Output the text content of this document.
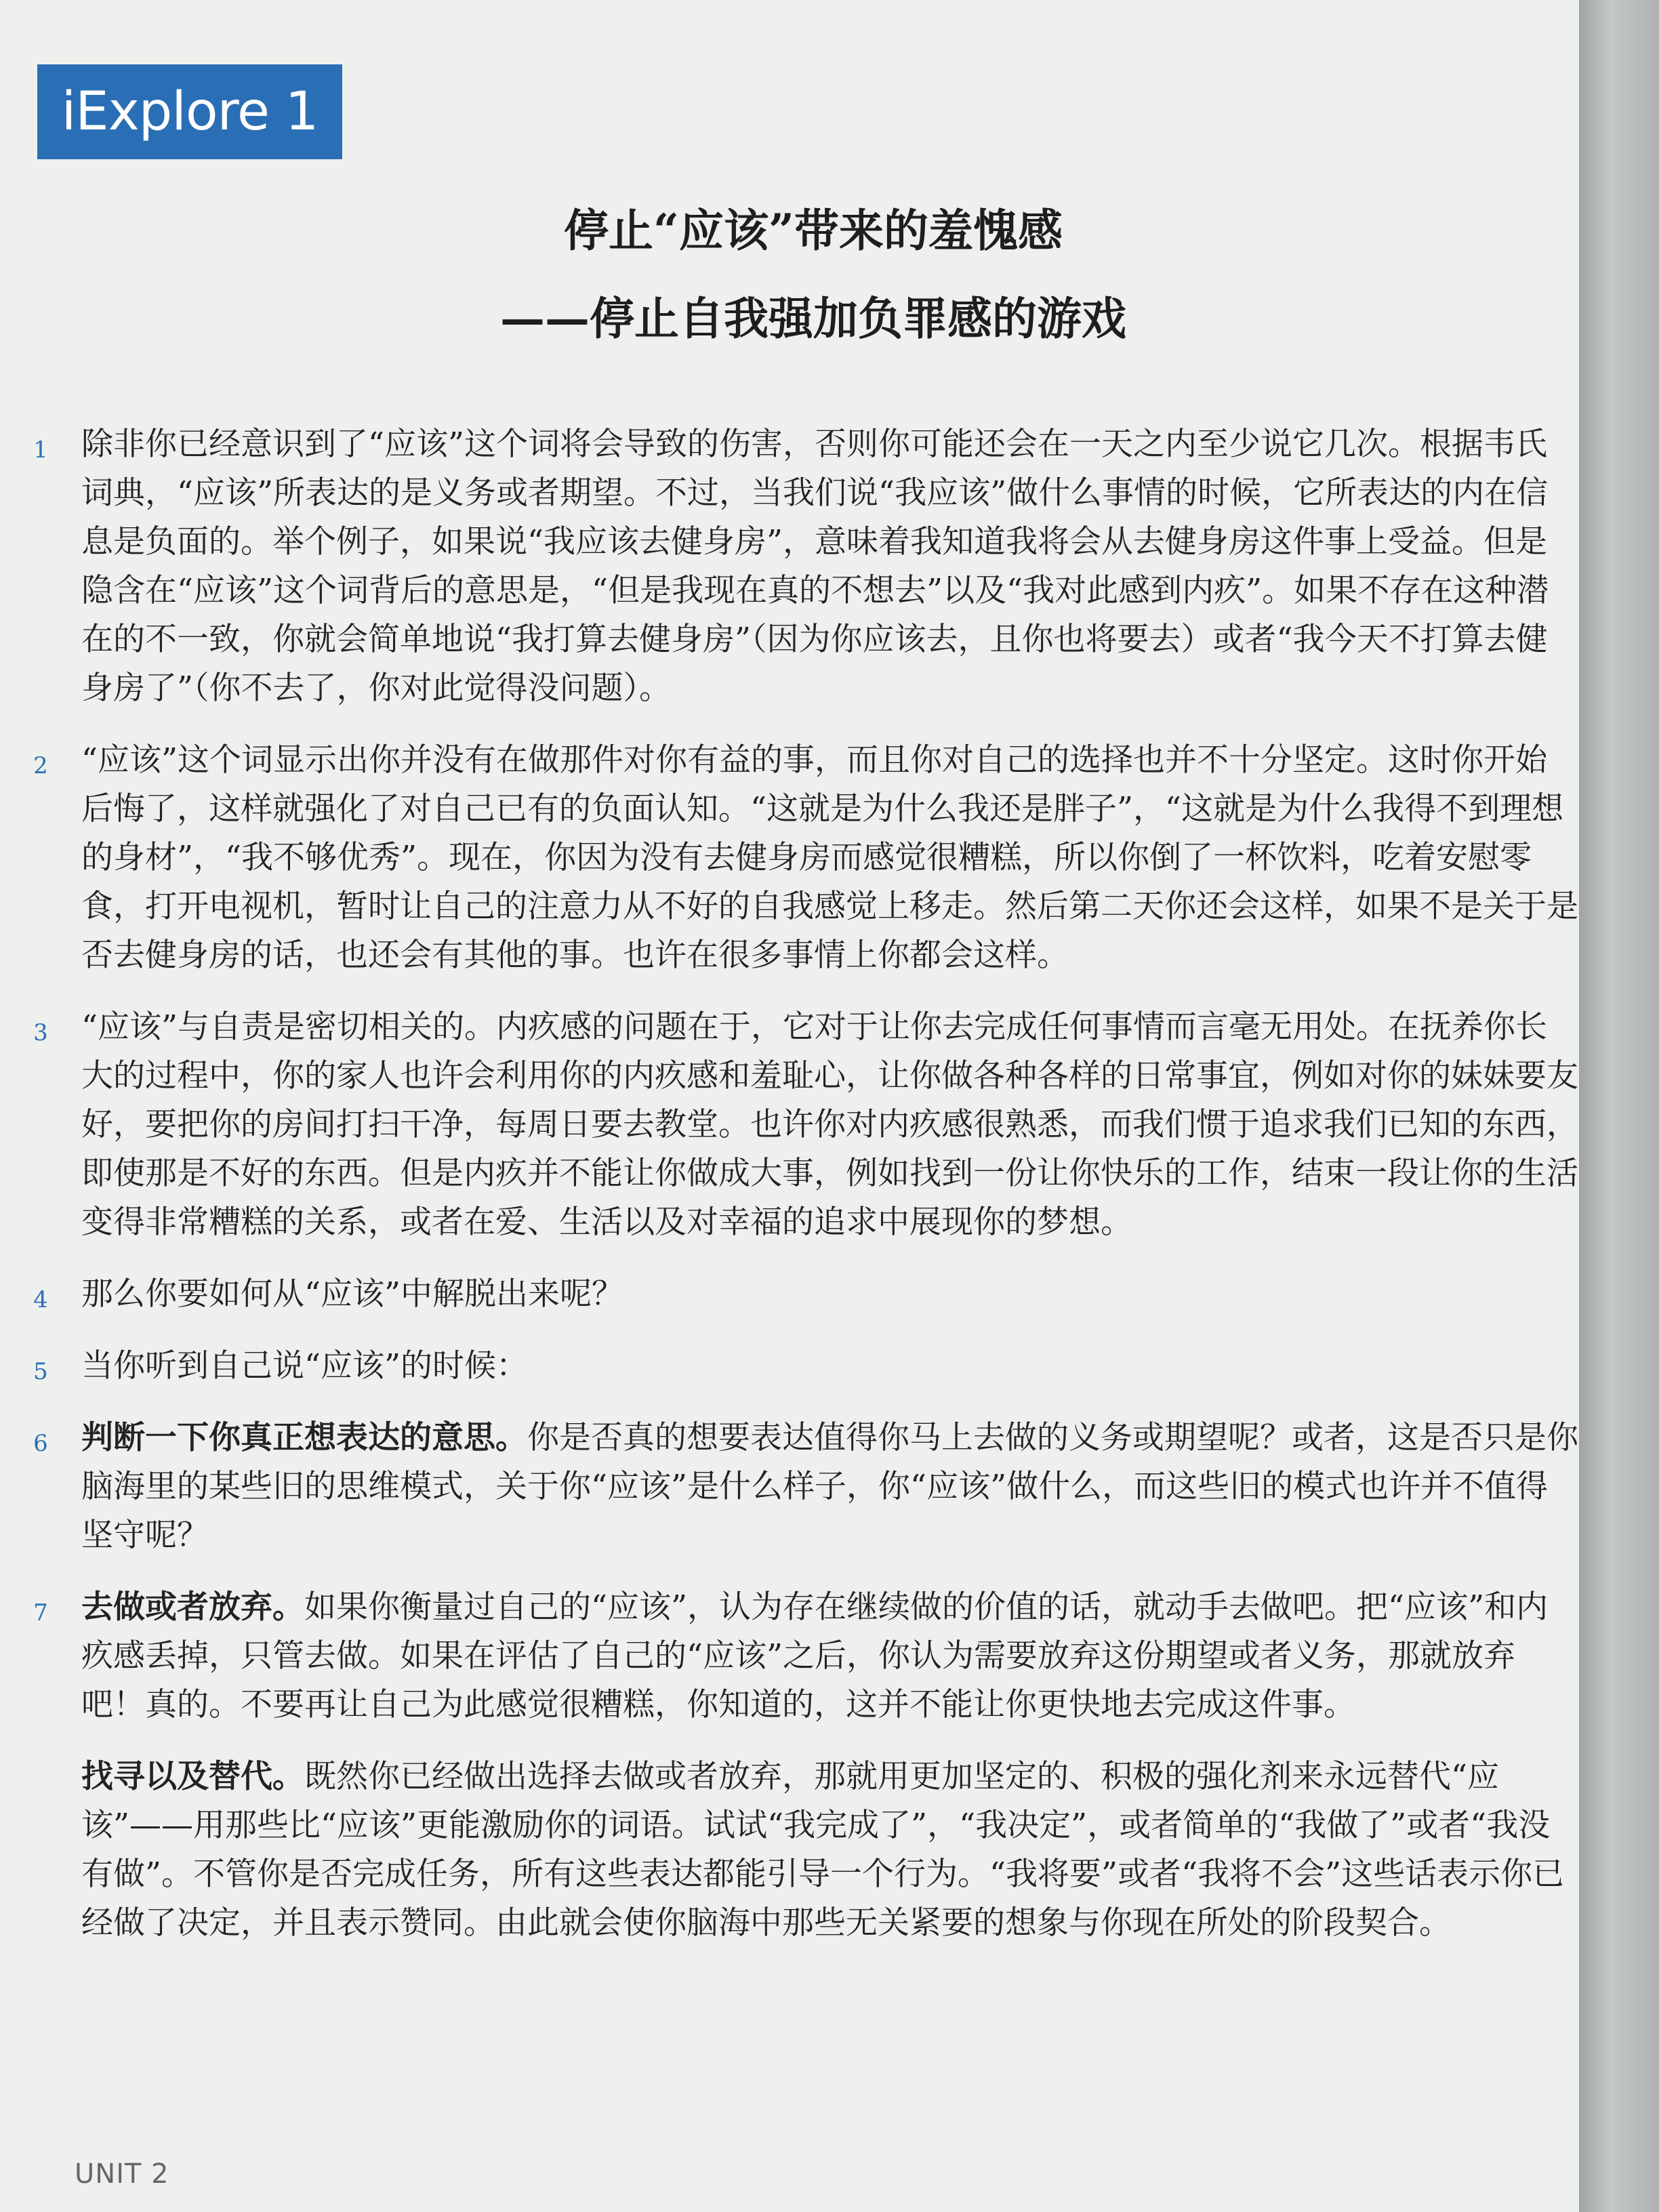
iExplore 1

停止“应该”带来的羞愧感

——停止自我强加负罪感的游戏

1 除非你已经意识到了“应该”这个词将会导致的伤害，否则你可能还会在一天之内至少说它几次。根据韦氏词典，“应该”所表达的是义务或者期望。不过，当我们说“我应该”做什么事情的时候，它所表达的内在信息是负面的。举个例子，如果说“我应该去健身房”，意味着我知道我将会从去健身房这件事上受益。但是隐含在“应该”这个词背后的意思是，“但是我现在真的不想去”以及“我对此感到内疚”。如果不存在这种潜在的不一致，你就会简单地说“我打算去健身房”（因为你应该去，且你也将要去）或者“我今天不打算去健身房了”（你不去了，你对此觉得没问题）。

2 “应该”这个词显示出你并没有在做那件对你有益的事，而且你对自己的选择也并不十分坚定。这时你开始后悔了，这样就强化了对自己已有的负面认知。“这就是为什么我还是胖子”，“这就是为什么我得不到理想的身材”，“我不够优秀”。现在，你因为没有去健身房而感觉很糟糕，所以你倒了一杯饮料，吃着安慰零食，打开电视机，暂时让自己的注意力从不好的自我感觉上移走。然后第二天你还会这样，如果不是关于是否去健身房的话，也还会有其他的事。也许在很多事情上你都会这样。

3 “应该”与自责是密切相关的。内疚感的问题在于，它对于让你去完成任何事情而言毫无用处。在抚养你长大的过程中，你的家人也许会利用你的内疚感和羞耻心，让你做各种各样的日常事宜，例如对你的妹妹要友好，要把你的房间打扫干净，每周日要去教堂。也许你对内疚感很熟悉，而我们惯于追求我们已知的东西，即使那是不好的东西。但是内疚并不能让你做成大事，例如找到一份让你快乐的工作，结束一段让你的生活变得非常糟糕的关系，或者在爱、生活以及对幸福的追求中展现你的梦想。

4 那么你要如何从“应该”中解脱出来呢？

5 当你听到自己说“应该”的时候：

6 判断一下你真正想表达的意思。你是否真的想要表达值得你马上去做的义务或期望呢？或者，这是否只是你脑海里的某些旧的思维模式，关于你“应该”是什么样子，你“应该”做什么，而这些旧的模式也许并不值得坚守呢？

7 去做或者放弃。如果你衡量过自己的“应该”，认为存在继续做的价值的话，就动手去做吧。把“应该”和内疚感丢掉，只管去做。如果在评估了自己的“应该”之后，你认为需要放弃这份期望或者义务，那就放弃吧！真的。不要再让自己为此感觉很糟糕，你知道的，这并不能让你更快地去完成这件事。

找寻以及替代。既然你已经做出选择去做或者放弃，那就用更加坚定的、积极的强化剂来永远替代“应该”——用那些比“应该”更能激励你的词语。试试“我完成了”，“我决定”，或者简单的“我做了”或者“我没有做”。不管你是否完成任务，所有这些表达都能引导一个行为。“我将要”或者“我将不会”这些话表示你已经做了决定，并且表示赞同。由此就会使你脑海中那些无关紧要的想象与你现在所处的阶段契合。

UNIT 2
